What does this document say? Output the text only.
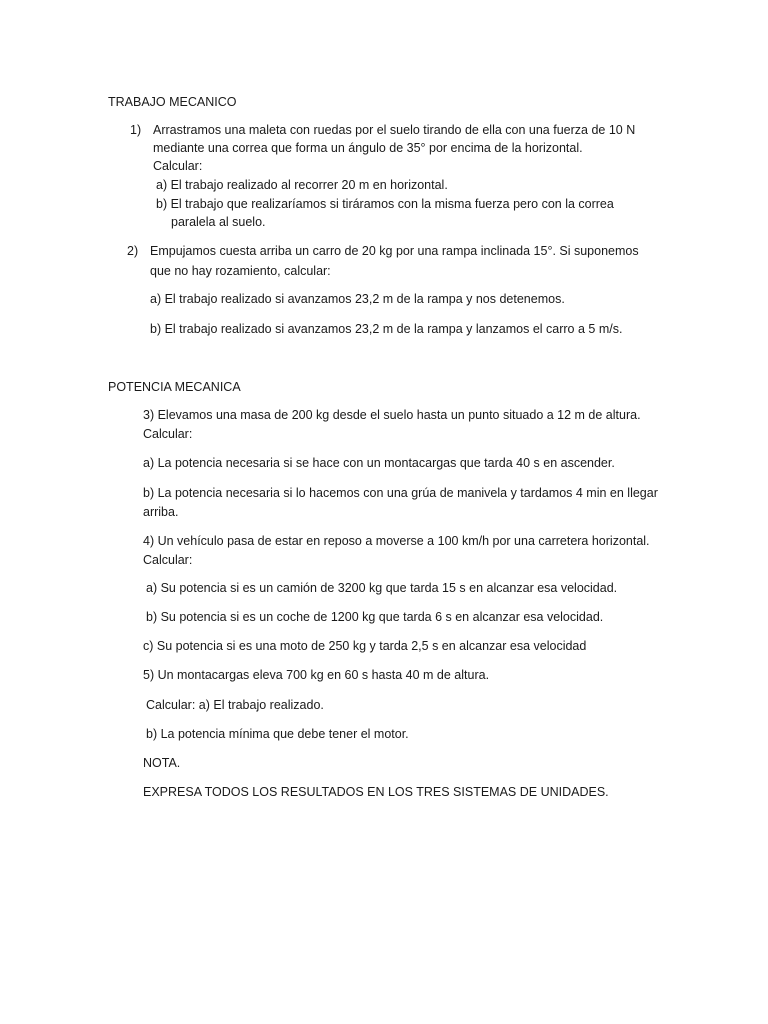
TRABAJO MECANICO
1) Arrastramos una maleta con ruedas por el suelo tirando de ella con una fuerza de 10 N
mediante una correa que forma un ángulo de 35° por encima de la horizontal.
Calcular:
a) El trabajo realizado al recorrer 20 m en horizontal.
b) El trabajo que realizaríamos si tiráramos con la misma fuerza pero con la correa
paralela al suelo.
2) Empujamos cuesta arriba un carro de 20 kg por una rampa inclinada 15°. Si suponemos
que no hay rozamiento, calcular:
a) El trabajo realizado si avanzamos 23,2 m de la rampa y nos detenemos.
b) El trabajo realizado si avanzamos 23,2 m de la rampa y lanzamos el carro a 5 m/s.
POTENCIA MECANICA
3) Elevamos una masa de 200 kg desde el suelo hasta un punto situado a 12 m de altura.
Calcular:
a) La potencia necesaria si se hace con un montacargas que tarda 40 s en ascender.
b) La potencia necesaria si lo hacemos con una grúa de manivela y tardamos 4 min en llegar
arriba.
4) Un vehículo pasa de estar en reposo a moverse a 100 km/h por una carretera horizontal.
Calcular:
a) Su potencia si es un camión de 3200 kg que tarda 15 s en alcanzar esa velocidad.
b) Su potencia si es un coche de 1200 kg que tarda 6 s en alcanzar esa velocidad.
c) Su potencia si es una moto de 250 kg y tarda 2,5 s en alcanzar esa velocidad
5) Un montacargas eleva 700 kg en 60 s hasta 40 m de altura.
Calcular: a) El trabajo realizado.
b) La potencia mínima que debe tener el motor.
NOTA.
EXPRESA TODOS LOS RESULTADOS EN LOS TRES SISTEMAS DE UNIDADES.
